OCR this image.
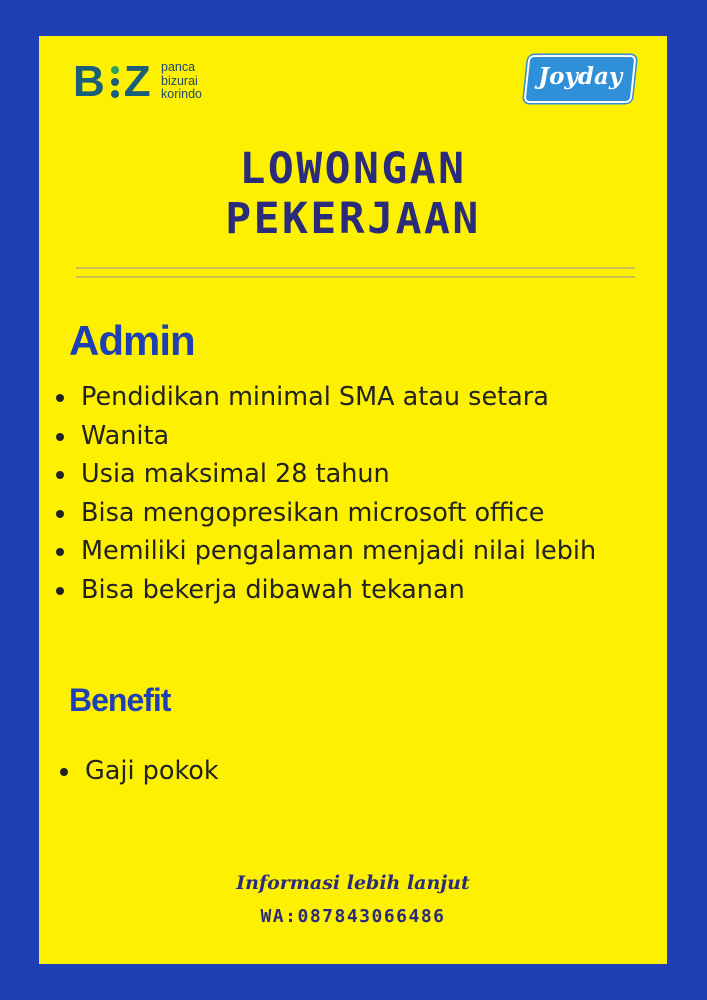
B Z panca
bizurai
korindo
Joyday
LOWONGAN
PEKERJAAN
Admin
Pendidikan minimal SMA atau setara
Wanita
Usia maksimal 28 tahun
Bisa mengopresikan microsoft office
Memiliki pengalaman menjadi nilai lebih
Bisa bekerja dibawah tekanan
Benefit
Gaji pokok
Informasi lebih lanjut
WA:087843066486
